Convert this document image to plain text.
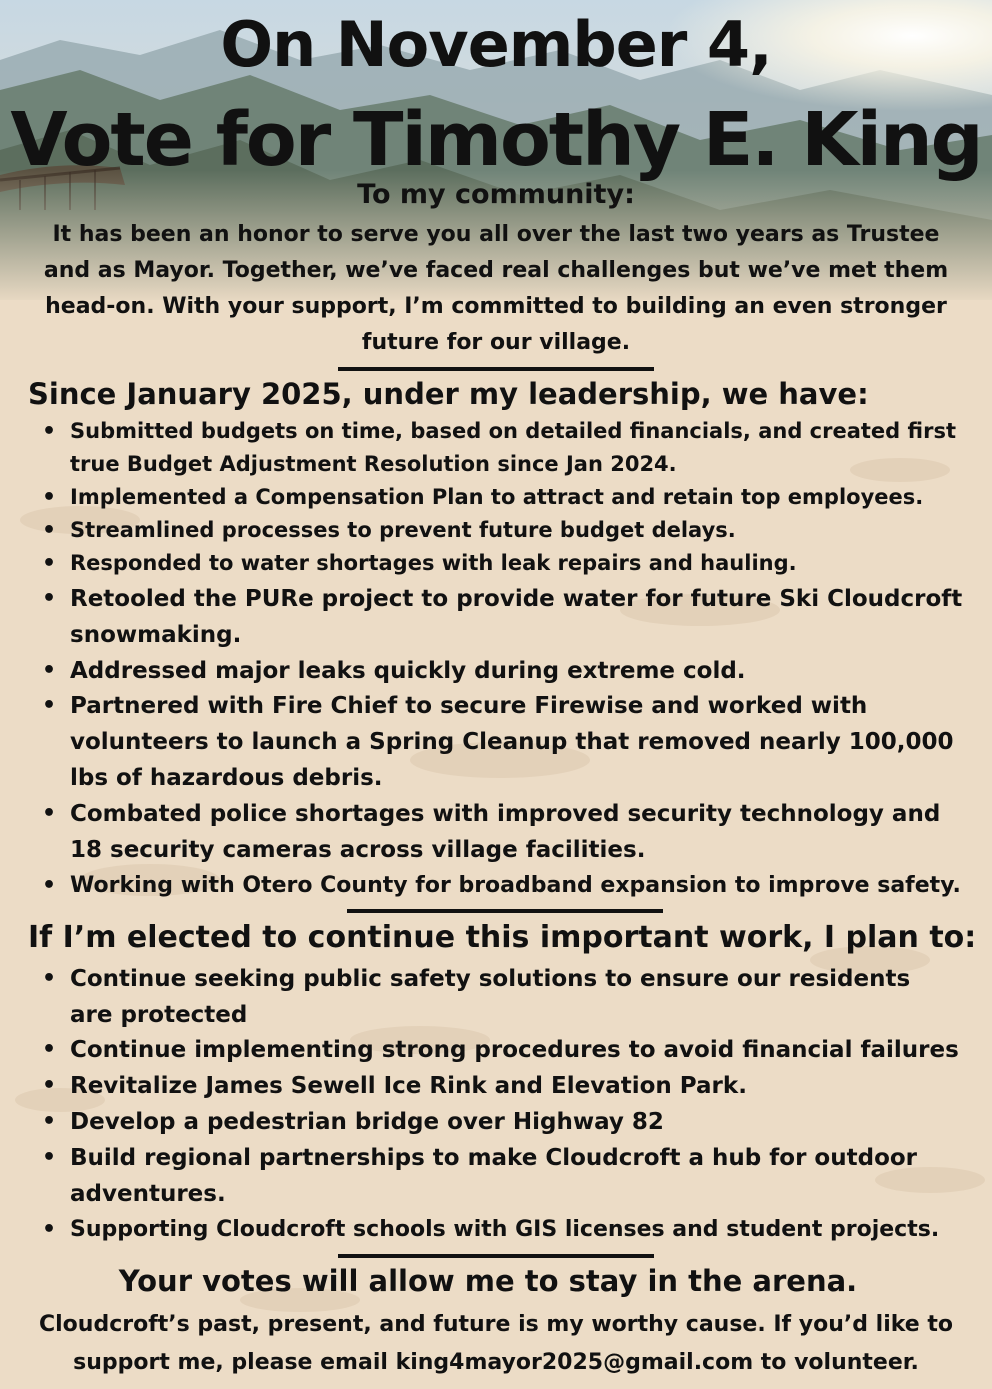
On November 4,
Vote for Timothy E. King
To my community:

It has been an honor to serve you all over the last two years as Trustee and as Mayor. Together, we’ve faced real challenges but we’ve met them head-on. With your support, I’m committed to building an even stronger future for our village.

Since January 2025, under my leadership, we have:
• Submitted budgets on time, based on detailed financials, and created first true Budget Adjustment Resolution since Jan 2024.
• Implemented a Compensation Plan to attract and retain top employees.
• Streamlined processes to prevent future budget delays.
• Responded to water shortages with leak repairs and hauling.
• Retooled the PURe project to provide water for future Ski Cloudcroft snowmaking.
• Addressed major leaks quickly during extreme cold.
• Partnered with Fire Chief to secure Firewise and worked with volunteers to launch a Spring Cleanup that removed nearly 100,000 lbs of hazardous debris.
• Combated police shortages with improved security technology and 18 security cameras across village facilities.
• Working with Otero County for broadband expansion to improve safety.
If I’m elected to continue this important work, I plan to:
• Continue seeking public safety solutions to ensure our residents are protected
• Continue implementing strong procedures to avoid financial failures
• Revitalize James Sewell Ice Rink and Elevation Park.
• Develop a pedestrian bridge over Highway 82
• Build regional partnerships to make Cloudcroft a hub for outdoor adventures.
• Supporting Cloudcroft schools with GIS licenses and student projects.
Your votes will allow me to stay in the arena.

Cloudcroft’s past, present, and future is my worthy cause. If you’d like to support me, please email king4mayor2025@gmail.com to volunteer.
